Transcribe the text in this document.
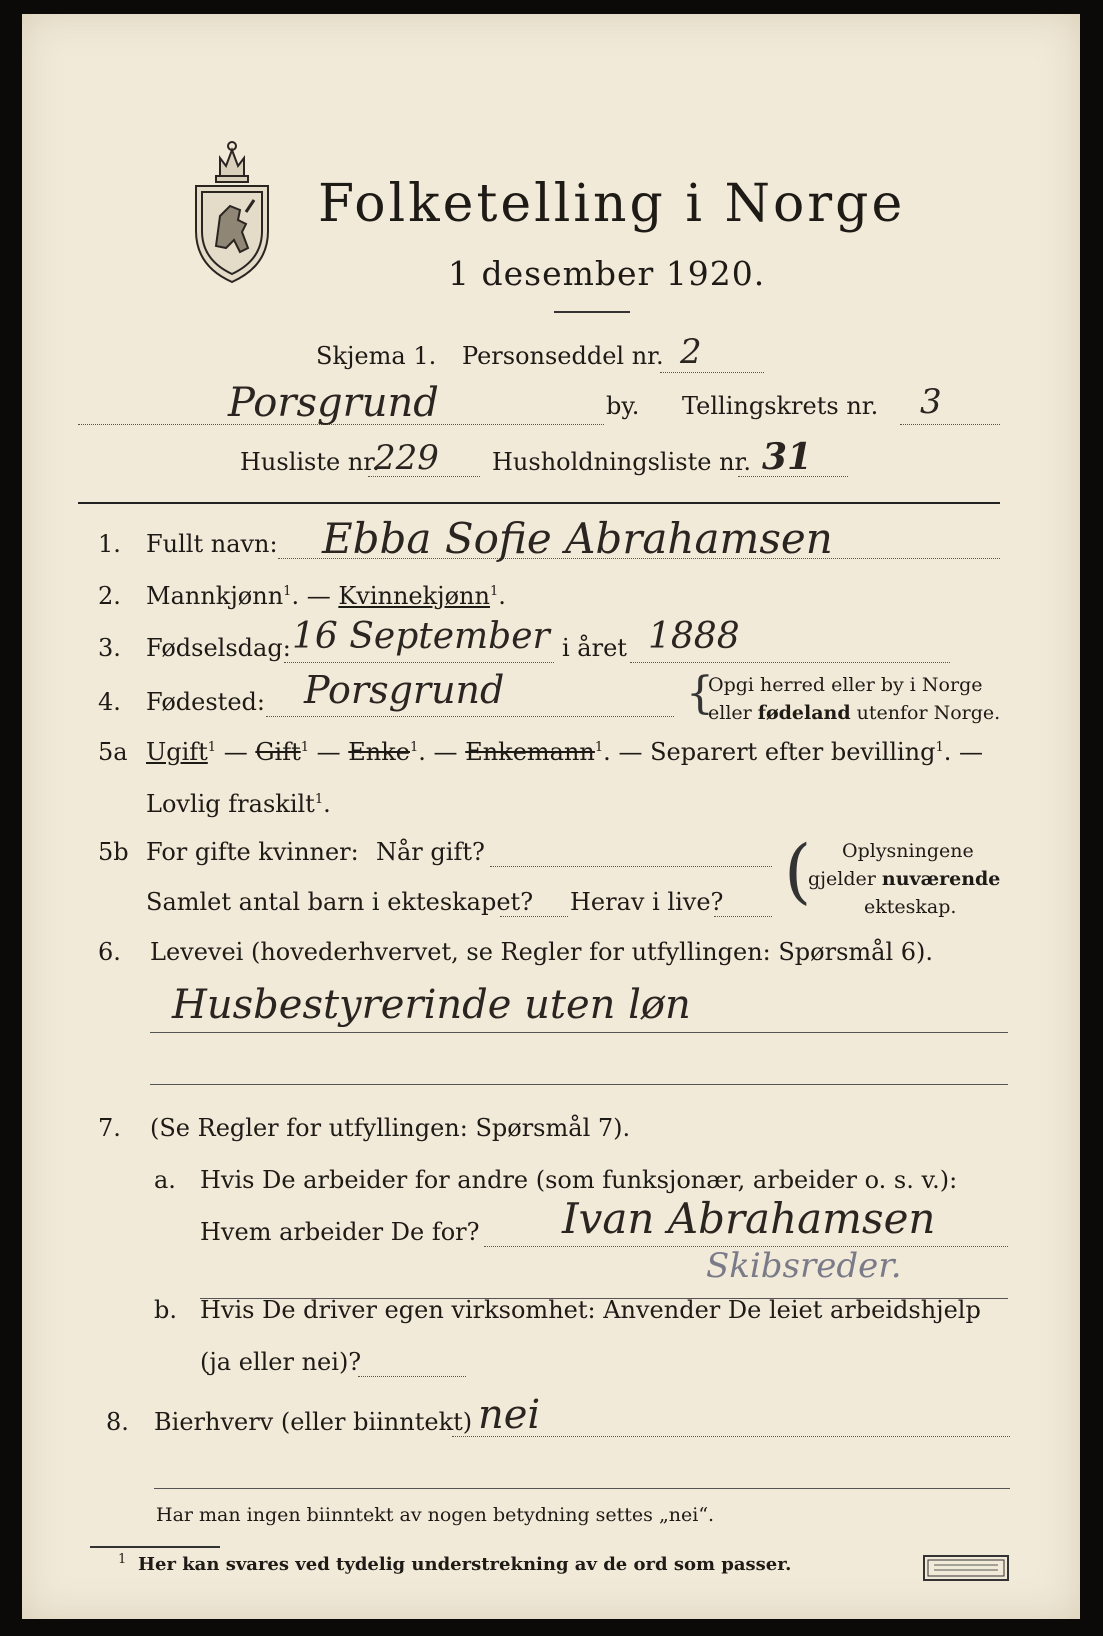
Folketelling i Norge
1 desember 1920.
Skjema 1. Personseddel nr. 2
Porsgrund	by. Tellingskrets nr. 3
Husliste nr.
229 Husholdningsliste nr. 31
1. Fullt navn: Ebba Sofie Abrahamsen
2. Mannkjønn$^1$. — Kvinnekjønn$^1$.
3. Fødselsdag: 16 September i året 1888
4. Fødested: Porsgrund	{
Opgi herred eller by i Norge
eller fødeland utenfor Norge.
5a Ugift$^1$ — Gift$^1$ — Enke$^1$. — Enkemann$^1$. — Separert efter bevilling$^1$. —
Lovlig fraskilt$^1$.
5b For gifte kvinner: Når gift?
Samlet antal barn i ekteskapet? Herav i live? ( Oplysningene
gjelder nuværende
ekteskap.
6. Levevei (hovederhvervet, se Regler for utfyllingen: Spørsmål 6).
Husbestyrerinde uten løn
7. (Se Regler for utfyllingen: Spørsmål 7).
a. Hvis De arbeider for andre (som funksjonær, arbeider o. s. v.):
Hvem arbeider De for? Ivan Abrahamsen
Skibsreder.
b. Hvis De driver egen virksomhet: Anvender De leiet arbeidshjelp
(ja eller nei)?
8. Bierhverv (eller biinntekt) nei
Har man ingen biinntekt av nogen betydning settes „nei“.
1 Her kan svares ved tydelig understrekning av de ord som passer.
